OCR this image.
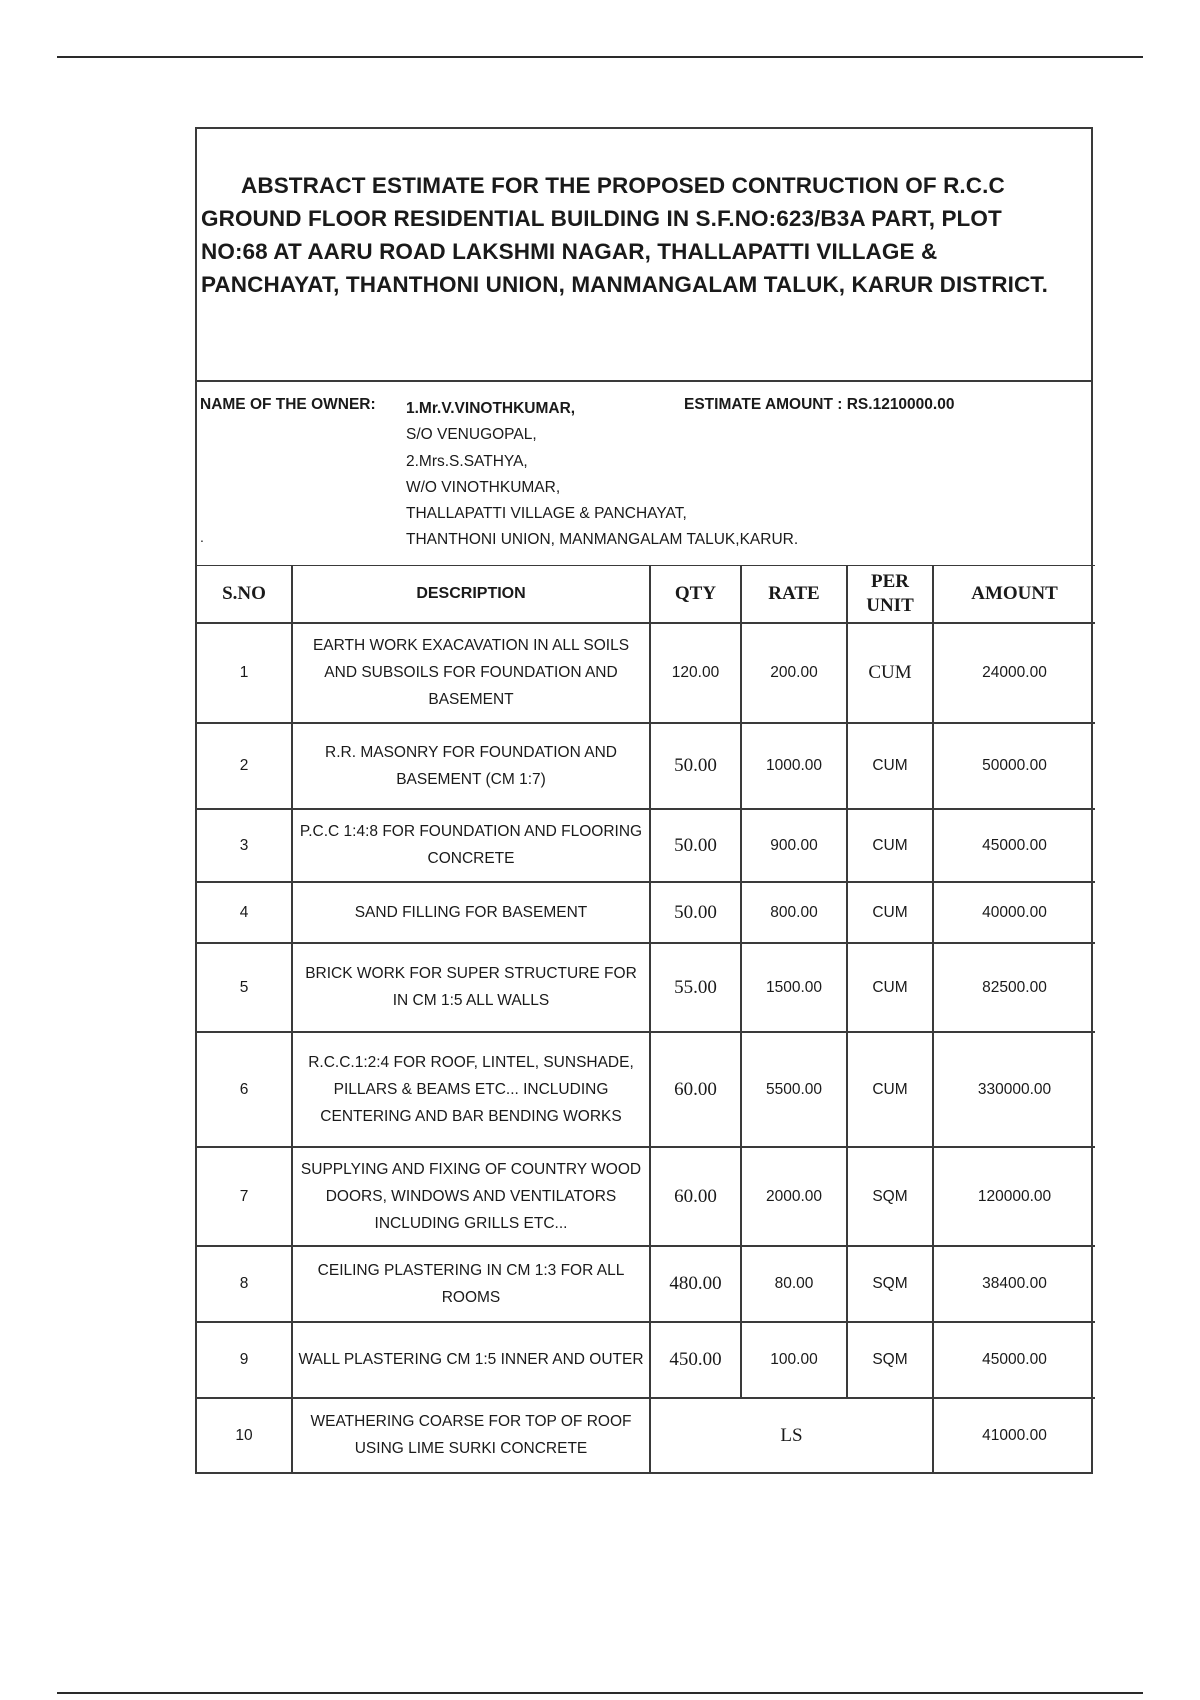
ABSTRACT ESTIMATE FOR THE PROPOSED CONTRUCTION OF R.C.C GROUND FLOOR RESIDENTIAL BUILDING IN S.F.NO:623/B3A PART, PLOT NO:68 AT AARU ROAD LAKSHMI NAGAR, THALLAPATTI VILLAGE & PANCHAYAT, THANTHONI UNION, MANMANGALAM TALUK, KARUR DISTRICT.

NAME OF THE OWNER: 1.Mr.V.VINOTHKUMAR,
S/O VENUGOPAL,
2.Mrs.S.SATHYA,
W/O VINOTHKUMAR,
THALLAPATTI VILLAGE & PANCHAYAT,
THANTHONI UNION, MANMANGALAM TALUK,KARUR.
ESTIMATE AMOUNT : RS.1210000.00
.
S.NO	DESCRIPTION	QTY	RATE	PER UNIT	AMOUNT
1	EARTH WORK EXACAVATION IN ALL SOILS AND SUBSOILS FOR FOUNDATION AND BASEMENT	120.00	200.00	CUM	24000.00
2	R.R. MASONRY FOR FOUNDATION AND BASEMENT (CM 1:7)	50.00	1000.00	CUM	50000.00
3	P.C.C 1:4:8 FOR FOUNDATION AND FLOORING CONCRETE	50.00	900.00	CUM	45000.00
4	SAND FILLING FOR BASEMENT	50.00	800.00	CUM	40000.00
5	BRICK WORK FOR SUPER STRUCTURE FOR IN CM 1:5 ALL WALLS	55.00	1500.00	CUM	82500.00
6	R.C.C.1:2:4 FOR ROOF, LINTEL, SUNSHADE, PILLARS & BEAMS ETC... INCLUDING CENTERING AND BAR BENDING WORKS	60.00	5500.00	CUM	330000.00
7	SUPPLYING AND FIXING OF COUNTRY WOOD DOORS, WINDOWS AND VENTILATORS INCLUDING GRILLS ETC...	60.00	2000.00	SQM	120000.00
8	CEILING PLASTERING IN CM 1:3 FOR ALL ROOMS	480.00	80.00	SQM	38400.00
9	WALL PLASTERING CM 1:5 INNER AND OUTER	450.00	100.00	SQM	45000.00
10	WEATHERING COARSE FOR TOP OF ROOF USING LIME SURKI CONCRETE	LS			41000.00
